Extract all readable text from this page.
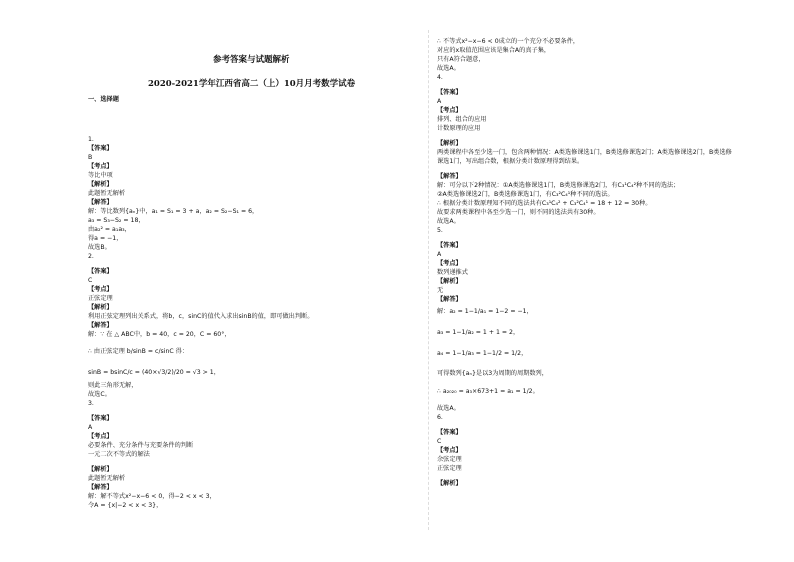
参考答案与试题解析
2020-2021学年江西省高二（上）10月月考数学试卷
一、选择题
1.
【答案】
B
【考点】
等比中项
【解析】
此题暂无解析
【解答】
解：等比数列{aₙ}中，a₁ = S₁ = 3 + a，a₂ = S₂−S₁ = 6，
a₃ = S₃−S₂ = 18，
由a₂² = a₁a₃，
得a = −1，
故选B。
2.
【答案】
C
【考点】
正弦定理
【解析】
利用正弦定理列出关系式，将b，c，sinC的值代入求出sinB的值，即可做出判断。
【解答】
解：∵ 在 △ ABC中，b = 40，c = 20，C = 60°，
∴ 由正弦定理 b/sinB = c/sinC 得：
sinB = bsinC/c = (40×√3/2)/20 = √3 > 1，
则此三角形无解，
故选C。
3.
【答案】
A
【考点】
必要条件、充分条件与充要条件的判断
一元二次不等式的解法
【解析】
此题暂无解析
【解答】
解：解不等式x²−x−6 < 0，得−2 < x < 3，
令A = {x|−2 < x < 3}，
∴ 不等式x²−x−6 < 0成立的一个充分不必要条件，
对应的x取值范围应该是集合A的真子集，
只有A符合题意，
故选A。
4.
【答案】
A
【考点】
排列、组合的应用
计数原理的应用
【解析】
两类课程中各至少选一门，包含两种情况：A类选修课选1门，B类选修课选2门；A类选修课选2门，B类选修
课选1门，写出组合数，根据分类计数原理得到结果。
【解答】
解：可分以下2种情况：①A类选修课选1门，B类选修课选2门，有C₃¹C₄²种不同的选法；
②A类选修课选2门，B类选修课选1门，有C₃²C₄¹种不同的选法。
∴ 根据分类计数原理知不同的选法共有C₃¹C₄² + C₃²C₄¹ = 18 + 12 = 30种。
故要求两类课程中各至少选一门，则不同的选法共有30种。
故选A。
5.
【答案】
A
【考点】
数列递推式
【解析】
无
【解答】
解：a₂ = 1−1/a₁ = 1−2 = −1，
a₃ = 1−1/a₂ = 1 + 1 = 2，
a₄ = 1−1/a₃ = 1−1/2 = 1/2，
可得数列{aₙ}是以3为周期的周期数列，
∴ a₂₀₂₀ = a₃×673+1 = a₁ = 1/2。
故选A。
6.
【答案】
C
【考点】
余弦定理
正弦定理
【解析】
